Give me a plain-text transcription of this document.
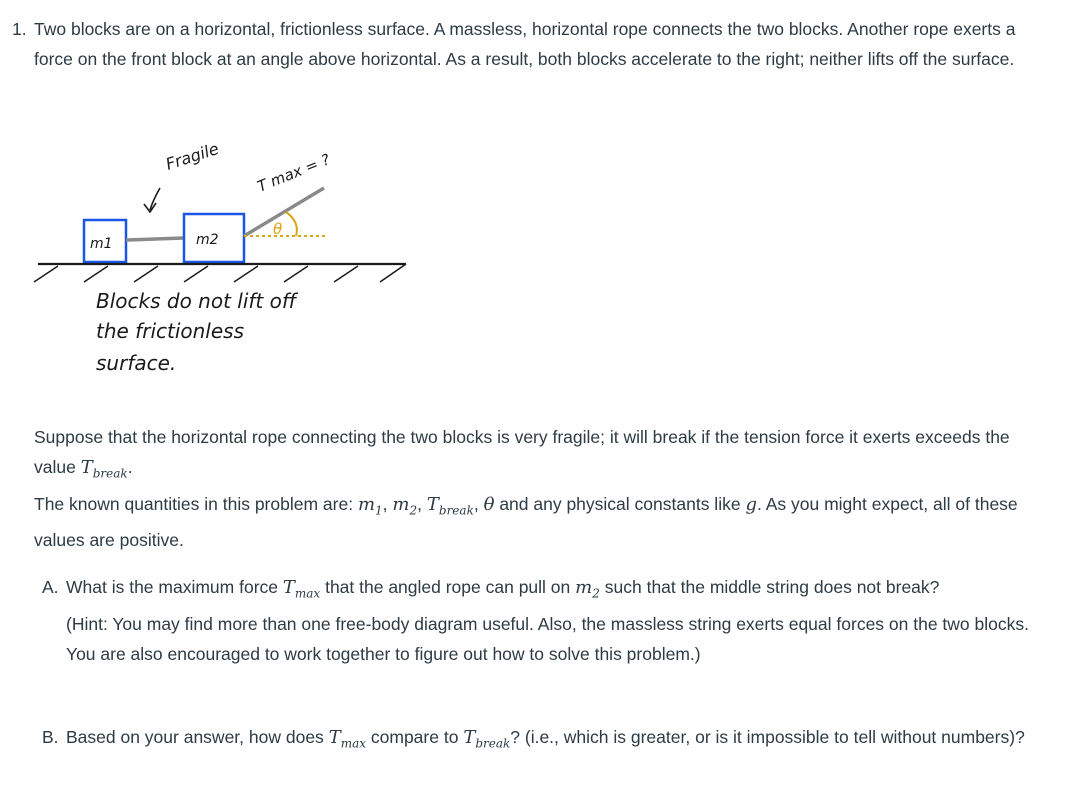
1. Two blocks are on a horizontal, frictionless surface. A massless, horizontal rope connects the two blocks. Another rope exerts a force on the front block at an angle above horizontal. As a result, both blocks accelerate to the right; neither lifts off the surface.
Fragile T max = ?
m1	m2
θ
Blocks do not lift off
the frictionless
surface.
Suppose that the horizontal rope connecting the two blocks is very fragile; it will break if the tension force it exerts exceeds the value $T_{break}$.
The known quantities in this problem are: $m_1$, $m_2$, $T_{break}$, θ and any physical constants like g. As you might expect, all of these values are positive.
A. What is the maximum force $T_{max}$ that the angled rope can pull on $m_2$ such that the middle string does not break?
(Hint: You may find more than one free-body diagram useful. Also, the massless string exerts equal forces on the two blocks. You are also encouraged to work together to figure out how to solve this problem.)
B. Based on your answer, how does $T_{max}$ compare to $T_{break}$? (i.e., which is greater, or is it impossible to tell without numbers)?
